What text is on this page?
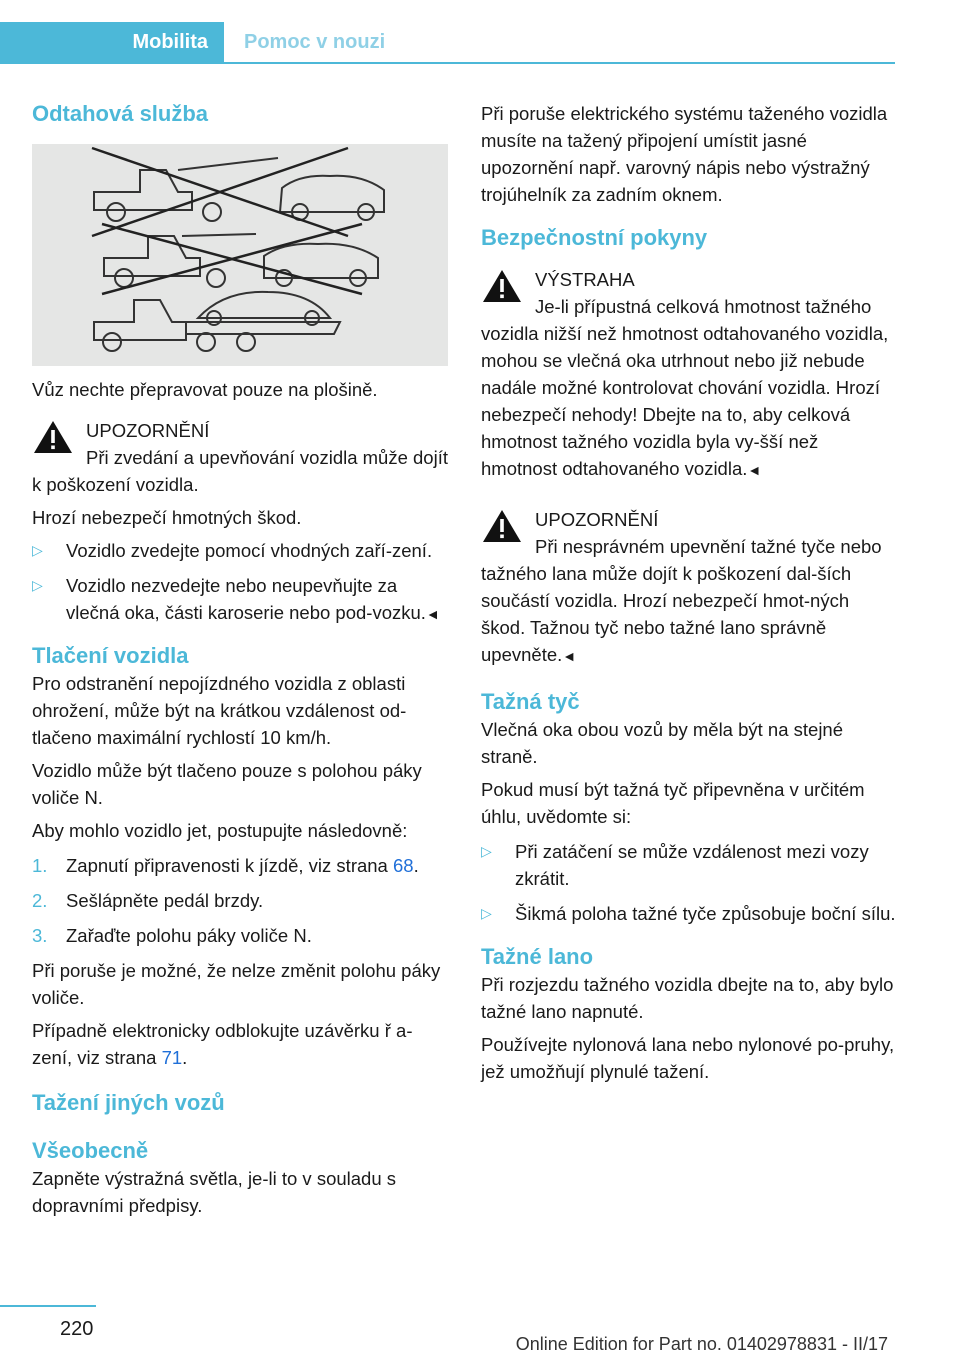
Mobilita	Pomoc v nouzi
Odtahová služba

Vůz nechte přepravovat pouze na plošině.

UPOZORNĚNÍ
Při zvedání a upevňování vozidla může dojít k poškození vozidla.

Hrozí nebezpečí hmotných škod.

▷ Vozidlo zvedejte pomocí vhodných zaří-zení.
▷ Vozidlo nezvedejte nebo neupevňujte za vlečná oka, části karoserie nebo pod-vozku.◄
Tlačení vozidla

Pro odstranění nepojízdného vozidla z oblasti ohrožení, může být na krátkou vzdálenost od-tlačeno maximální rychlostí 10 km/h.

Vozidlo může být tlačeno pouze s polohou páky voliče N.

Aby mohlo vozidlo jet, postupujte následovně:

1. Zapnutí připravenosti k jízdě, viz strana 68.
2. Sešlápněte pedál brzdy.
3. Zařaďte polohu páky voliče N.

Při poruše je možné, že nelze změnit polohu páky voliče.

Případně elektronicky odblokujte uzávěrku ř a-zení, viz strana 71.

Tažení jiných vozů
Všeobecně

Zapněte výstražná světla, je-li to v souladu s dopravními předpisy.

Při poruše elektrického systému taženého vozidla musíte na tažený připojení umístit jasné upozornění např. varovný nápis nebo výstražný trojúhelník za zadním oknem.

Bezpečnostní pokyny
VÝSTRAHA
Je-li přípustná celková hmotnost tažného vozidla nižší než hmotnost odtahovaného vozidla, mohou se vlečná oka utrhnout nebo již nebude nadále možné kontrolovat chování vozidla. Hrozí nebezpečí nehody! Dbejte na to, aby celková hmotnost tažného vozidla byla vy-šší než hmotnost odtahovaného vozidla.◄
UPOZORNĚNÍ
Při nesprávném upevnění tažné tyče nebo tažného lana může dojít k poškození dal-ších součástí vozidla. Hrozí nebezpečí hmot-ných škod. Tažnou tyč nebo tažné lano správně upevněte.◄
Tažná tyč

Vlečná oka obou vozů by měla být na stejné straně.

Pokud musí být tažná tyč připevněna v určitém úhlu, uvědomte si:

▷ Při zatáčení se může vzdálenost mezi vozy zkrátit.
▷ Šikmá poloha tažné tyče způsobuje boční sílu.
Tažné lano

Při rozjezdu tažného vozidla dbejte na to, aby bylo tažné lano napnuté.

Používejte nylonová lana nebo nylonové po-pruhy, jež umožňují plynulé tažení.

220
Online Edition for Part no. 01402978831 - II/17
